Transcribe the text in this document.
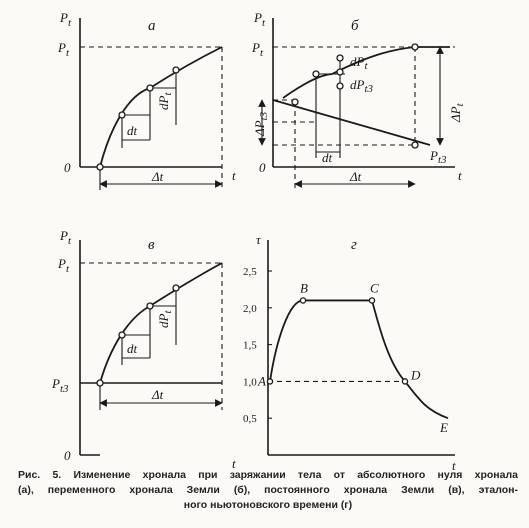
а
$P_t$
$P_t$
0
t
$dP_t$
dt
Δt
б
$P_t$
$P_t$
0
t
$dP_t$
$dP_{t3}$
$\Delta P_{t3}$	$\Delta P_t$
$P_{t3}$
dt
Δt
в
$P_t$
$P_t$
$P_{t3}$
0
t
$dP_t$
dt
Δt
0,5
1,0
1,5
2,0
2,5
A
B	C
D
E
г
τ
t
Рис. 5. Изменение хронала при заряжании тела от абсолютного нуля хронала
(а), переменного хронала Земли (б), постоянного хронала Земли (в), эталон-
ного ньютоновского времени (г)
